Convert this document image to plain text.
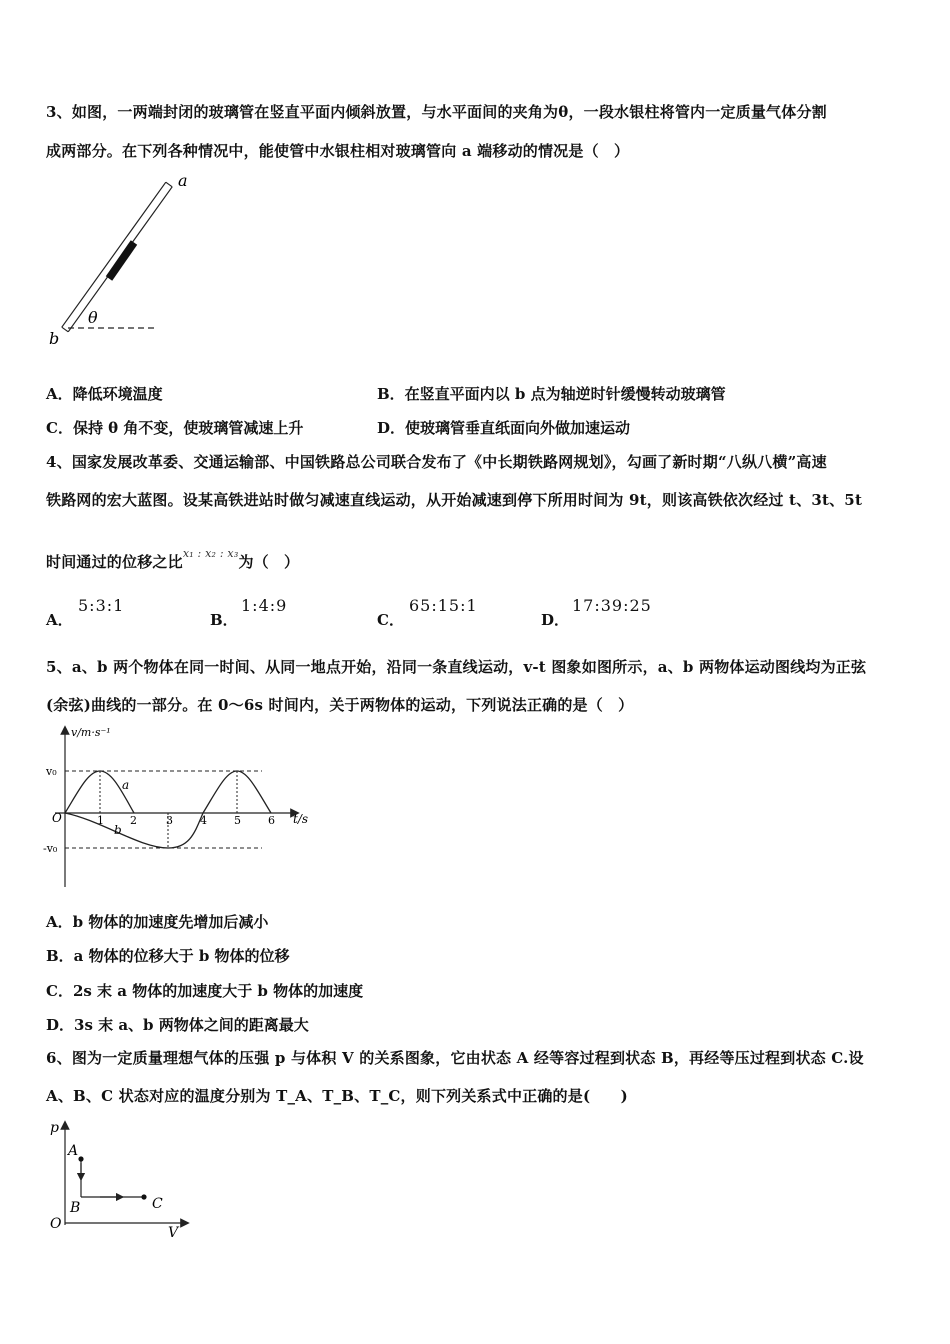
3、如图，一两端封闭的玻璃管在竖直平面内倾斜放置，与水平面间的夹角为θ，一段水银柱将管内一定质量气体分割
成两部分。在下列各种情况中，能使管中水银柱相对玻璃管向 a 端移动的情况是（　）
a
θ
b
A．降低环境温度	B．在竖直平面内以 b 点为轴逆时针缓慢转动玻璃管
C．保持 θ 角不变，使玻璃管减速上升	D．使玻璃管垂直纸面向外做加速运动
4、国家发展改革委、交通运输部、中国铁路总公司联合发布了《中长期铁路网规划》，勾画了新时期“八纵八横”高速
铁路网的宏大蓝图。设某高铁进站时做匀减速直线运动，从开始减速到停下所用时间为 9t，则该高铁依次经过 t、3t、5t
时间通过的位移之比$^{x_1 : x_2 : x_3}$为（　）
A．
5:3:1
B．
1:4:9
C．
65:15:1
D．
17:39:25
5、a、b 两个物体在同一时间、从同一地点开始，沿同一条直线运动，v-t 图象如图所示，a、b 两物体运动图线均为正弦
(余弦)曲线的一部分。在 0～6s 时间内，关于两物体的运动，下列说法正确的是（　）
v/m·s⁻¹
t/s
v₀
-v₀
O	1 2	3 4 5 6
a
b
A．b 物体的加速度先增加后减小
B．a 物体的位移大于 b 物体的位移
C．2s 末 a 物体的加速度大于 b 物体的加速度
D．3s 末 a、b 两物体之间的距离最大
6、图为一定质量理想气体的压强 p 与体积 V 的关系图象，它由状态 A 经等容过程到状态 B，再经等压过程到状态 C.设
A、B、C 状态对应的温度分别为 T_A、T_B、T_C，则下列关系式中正确的是(　　)
p
V
O
A
B	C
